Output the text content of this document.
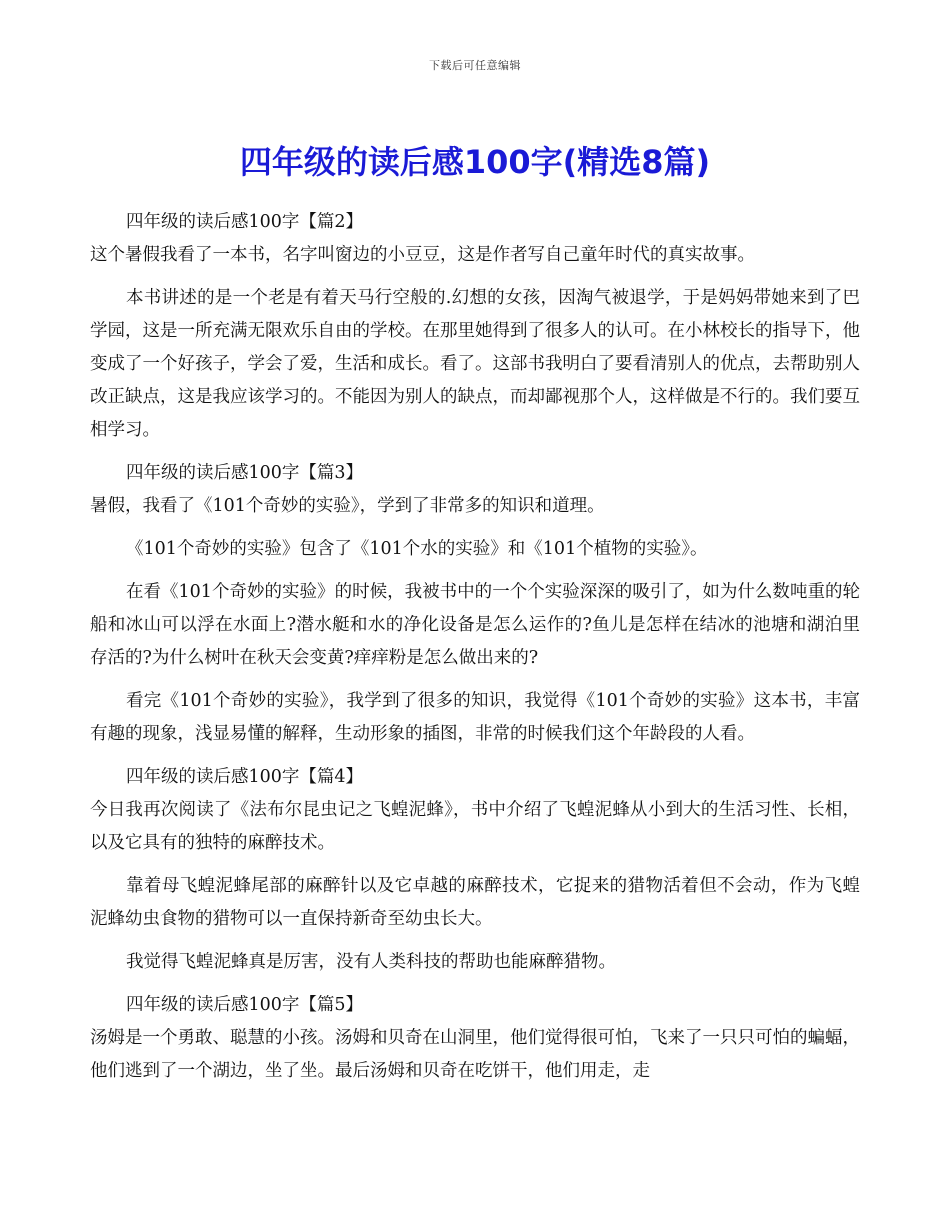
下载后可任意编辑
四年级的读后感100字(精选8篇)

四年级的读后感100字【篇2】

这个暑假我看了一本书，名字叫窗边的小豆豆，这是作者写自己童年时代的真实故事。

本书讲述的是一个老是有着天马行空般的.幻想的女孩，因淘气被退学，于是妈妈带她来到了巴学园，这是一所充满无限欢乐自由的学校。在那里她得到了很多人的认可。在小林校长的指导下，他变成了一个好孩子，学会了爱，生活和成长。看了。这部书我明白了要看清别人的优点，去帮助别人改正缺点，这是我应该学习的。不能因为别人的缺点，而却鄙视那个人，这样做是不行的。我们要互相学习。

四年级的读后感100字【篇3】

暑假，我看了《101个奇妙的实验》，学到了非常多的知识和道理。

《101个奇妙的实验》包含了《101个水的实验》和《101个植物的实验》。

在看《101个奇妙的实验》的时候，我被书中的一个个实验深深的吸引了，如为什么数吨重的轮船和冰山可以浮在水面上?潜水艇和水的净化设备是怎么运作的?鱼儿是怎样在结冰的池塘和湖泊里存活的?为什么树叶在秋天会变黄?痒痒粉是怎么做出来的?

看完《101个奇妙的实验》，我学到了很多的知识，我觉得《101个奇妙的实验》这本书，丰富有趣的现象，浅显易懂的解释，生动形象的插图，非常的时候我们这个年龄段的人看。

四年级的读后感100字【篇4】

今日我再次阅读了《法布尔昆虫记之飞蝗泥蜂》，书中介绍了飞蝗泥蜂从小到大的生活习性、长相，以及它具有的独特的麻醉技术。

靠着母飞蝗泥蜂尾部的麻醉针以及它卓越的麻醉技术，它捉来的猎物活着但不会动，作为飞蝗泥蜂幼虫食物的猎物可以一直保持新奇至幼虫长大。

我觉得飞蝗泥蜂真是厉害，没有人类科技的帮助也能麻醉猎物。

四年级的读后感100字【篇5】

汤姆是一个勇敢、聪慧的小孩。汤姆和贝奇在山洞里，他们觉得很可怕，飞来了一只只可怕的蝙蝠，他们逃到了一个湖边，坐了坐。最后汤姆和贝奇在吃饼干，他们用走，走
